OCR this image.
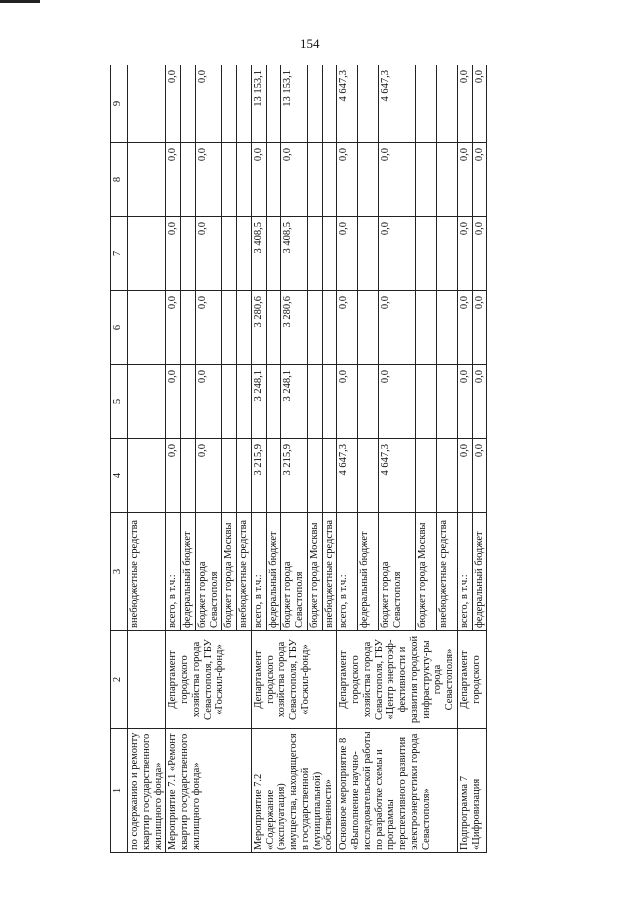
154
1	2	3	4	5	6	7	8	9
по содержанию и ремонту квартир государственного жилищного фонда»		внебюджетные средства						
Мероприятие 7.1 «Ремонт квартир государственного жилищного фонда»	Департамент городского хозяйства города Севастополя, ГБУ «Госжил-фонд»	всего, в т.ч.:	0,0	0,0	0,0	0,0	0,0	0,0
		федеральный бюджет						
		бюджет города Севастополя	0,0	0,0	0,0	0,0	0,0	0,0
		бюджет города Москвы						
		внебюджетные средства						
Мероприятие 7.2 «Содержание (эксплуатация) имущества, находящегося в государственной (муниципальной) собственности»	Департамент городского хозяйства города Севастополя, ГБУ «Госжил-фонд»	всего, в т.ч.:	3 215,9	3 248,1	3 280,6	3 408,5	0,0	13 153,1
		федеральный бюджет						
		бюджет города Севастополя	3 215,9	3 248,1	3 280,6	3 408,5	0,0	13 153,1
		бюджет города Москвы						
		внебюджетные средства						
Основное мероприятие 8 «Выполнение научно-исследовательской работы по разработке схемы и программы перспективного развития электроэнергетики города Севастополя»	Департамент городского хозяйства города Севастополя, ГБУ «Центр энергоэф-фективности и развития городской инфраструкту-ры города Севастополя»	всего, в т.ч.:	4 647,3	0,0	0,0	0,0	0,0	4 647,3
		федеральный бюджет						
		бюджет города Севастополя	4 647,3	0,0	0,0	0,0	0,0	4 647,3
		бюджет города Москвы						
		внебюджетные средства						
Подпрограмма 7 «Цифровизация	Департамент городского	всего, в т.ч.:	0,0	0,0	0,0	0,0	0,0	0,0
		федеральный бюджет	0,0	0,0	0,0	0,0	0,0	0,0
